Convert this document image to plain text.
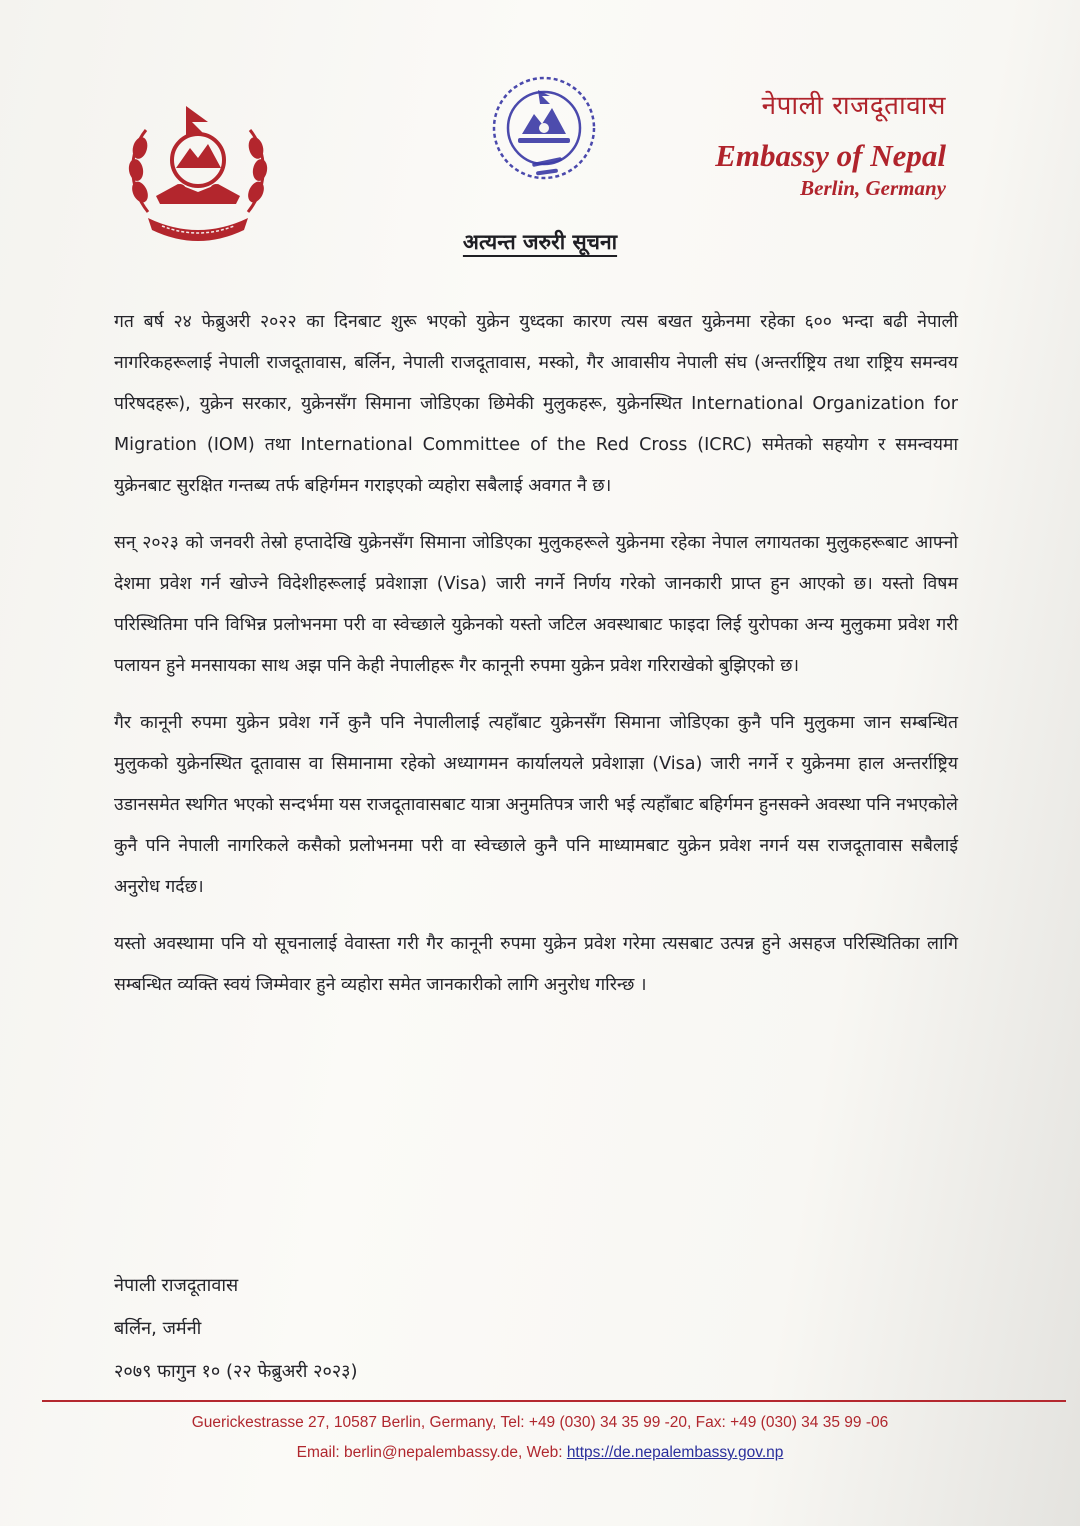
नेपाली राजदूतावास
Embassy of Nepal
Berlin, Germany
अत्यन्त जरुरी सूचना

गत बर्ष २४ फेब्रुअरी २०२२ का दिनबाट शुरू भएको युक्रेन युध्दका कारण त्यस बखत युक्रेनमा रहेका ६०० भन्दा बढी नेपाली नागरिकहरूलाई नेपाली राजदूतावास, बर्लिन, नेपाली राजदूतावास, मस्को, गैर आवासीय नेपाली संघ (अन्तर्राष्ट्रिय तथा राष्ट्रिय समन्वय परिषदहरू), युक्रेन सरकार, युक्रेनसँग सिमाना जोडिएका छिमेकी मुलुकहरू, युक्रेनस्थित International Organization for Migration (IOM) तथा International Committee of the Red Cross (ICRC) समेतको सहयोग र समन्वयमा युक्रेनबाट सुरक्षित गन्तब्य तर्फ बहिर्गमन गराइएको व्यहोरा सबैलाई अवगत नै छ।

सन् २०२३ को जनवरी तेस्रो हप्तादेखि युक्रेनसँग सिमाना जोडिएका मुलुकहरूले युक्रेनमा रहेका नेपाल लगायतका मुलुकहरूबाट आफ्नो देशमा प्रवेश गर्न खोज्ने विदेशीहरूलाई प्रवेशाज्ञा (Visa) जारी नगर्ने निर्णय गरेको जानकारी प्राप्त हुन आएको छ। यस्तो विषम परिस्थितिमा पनि विभिन्न प्रलोभनमा परी वा स्वेच्छाले युक्रेनको यस्तो जटिल अवस्थाबाट फाइदा लिई युरोपका अन्य मुलुकमा प्रवेश गरी पलायन हुने मनसायका साथ अझ पनि केही नेपालीहरू गैर कानूनी रुपमा युक्रेन प्रवेश गरिराखेको बुझिएको छ।

गैर कानूनी रुपमा युक्रेन प्रवेश गर्ने कुनै पनि नेपालीलाई त्यहाँबाट युक्रेनसँग सिमाना जोडिएका कुनै पनि मुलुकमा जान सम्बन्धित मुलुकको युक्रेनस्थित दूतावास वा सिमानामा रहेको अध्यागमन कार्यालयले प्रवेशाज्ञा (Visa) जारी नगर्ने र युक्रेनमा हाल अन्तर्राष्ट्रिय उडानसमेत स्थगित भएको सन्दर्भमा यस राजदूतावासबाट यात्रा अनुमतिपत्र जारी भई त्यहाँबाट बहिर्गमन हुनसक्ने अवस्था पनि नभएकोले कुनै पनि नेपाली नागरिकले कसैको प्रलोभनमा परी वा स्वेच्छाले कुनै पनि माध्यामबाट युक्रेन प्रवेश नगर्न यस राजदूतावास सबैलाई अनुरोध गर्दछ।

यस्तो अवस्थामा पनि यो सूचनालाई वेवास्ता गरी गैर कानूनी रुपमा युक्रेन प्रवेश गरेमा त्यसबाट उत्पन्न हुने असहज परिस्थितिका लागि सम्बन्धित व्यक्ति स्वयं जिम्मेवार हुने व्यहोरा समेत जानकारीको लागि अनुरोध गरिन्छ ।

नेपाली राजदूतावास
बर्लिन, जर्मनी
२०७९ फागुन १० (२२ फेब्रुअरी २०२३)
Guerickestrasse 27, 10587 Berlin, Germany, Tel: +49 (030) 34 35 99 -20, Fax: +49 (030) 34 35 99 -06
Email: berlin@nepalembassy.de, Web: https://de.nepalembassy.gov.np
